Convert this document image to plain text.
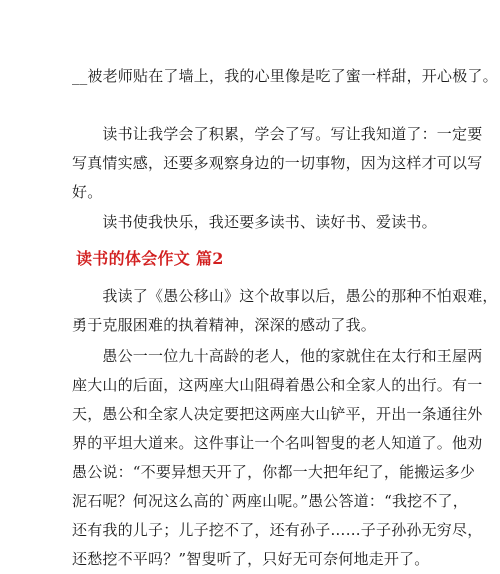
__被老师贴在了墙上，我的心里像是吃了蜜一样甜，开心极了。

　　读书让我学会了积累，学会了写。写让我知道了：一定要
写真情实感，还要多观察身边的一切事物，因为这样才可以写
好。

　　读书使我快乐，我还要多读书、读好书、爱读书。

读书的体会作文 篇2

　　我读了《愚公移山》这个故事以后，愚公的那种不怕艰难，
勇于克服困难的执着精神，深深的感动了我。

　　愚公一一位九十高龄的老人，他的家就住在太行和王屋两
座大山的后面，这两座大山阻碍着愚公和全家人的出行。有一
天，愚公和全家人决定要把这两座大山铲平，开出一条通往外
界的平坦大道来。这件事让一个名叫智叟的老人知道了。他劝
愚公说：“不要异想天开了，你都一大把年纪了，能搬运多少
泥石呢？何况这么高的`两座山呢。”愚公答道：“我挖不了，
还有我的儿子；儿子挖不了，还有孙子……子子孙孙无穷尽，
还愁挖不平吗？”智叟听了，只好无可奈何地走开了。
